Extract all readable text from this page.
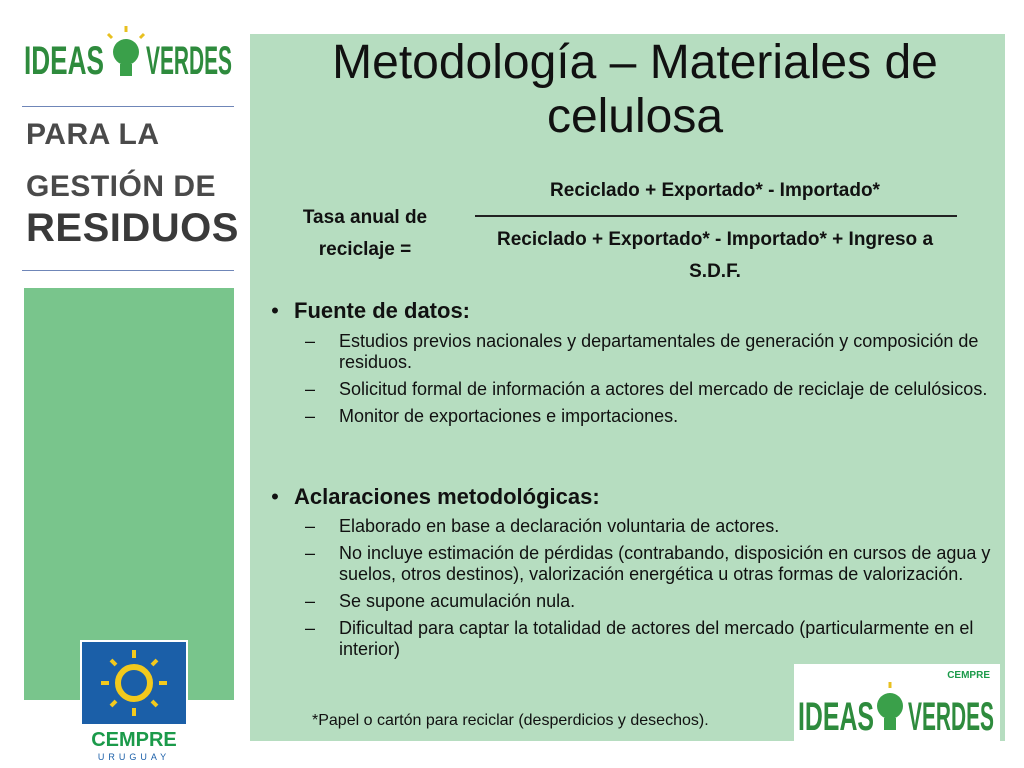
IDEAS VERDES
PARA LA
GESTIÓN DE
RESIDUOS
CEMPRE
URUGUAY
Metodología – Materiales de celulosa
Tasa anual de reciclaje =
Reciclado + Exportado* - Importado*
Reciclado + Exportado* - Importado* + Ingreso a S.D.F.
• Fuente de datos:
– Estudios previos nacionales y departamentales de generación y composición de residuos.
– Solicitud formal de información a actores del mercado de reciclaje de celulósicos.
– Monitor de exportaciones e importaciones.
• Aclaraciones metodológicas:
– Elaborado en base a declaración voluntaria de actores.
– No incluye estimación de pérdidas (contrabando, disposición en cursos de agua y suelos, otros destinos), valorización energética u otras formas de valorización.
– Se supone acumulación nula.
– Dificultad para captar la totalidad de actores del mercado (particularmente en el interior)
*Papel o cartón para reciclar (desperdicios y desechos).
CEMPRE
IDEAS VERDES
